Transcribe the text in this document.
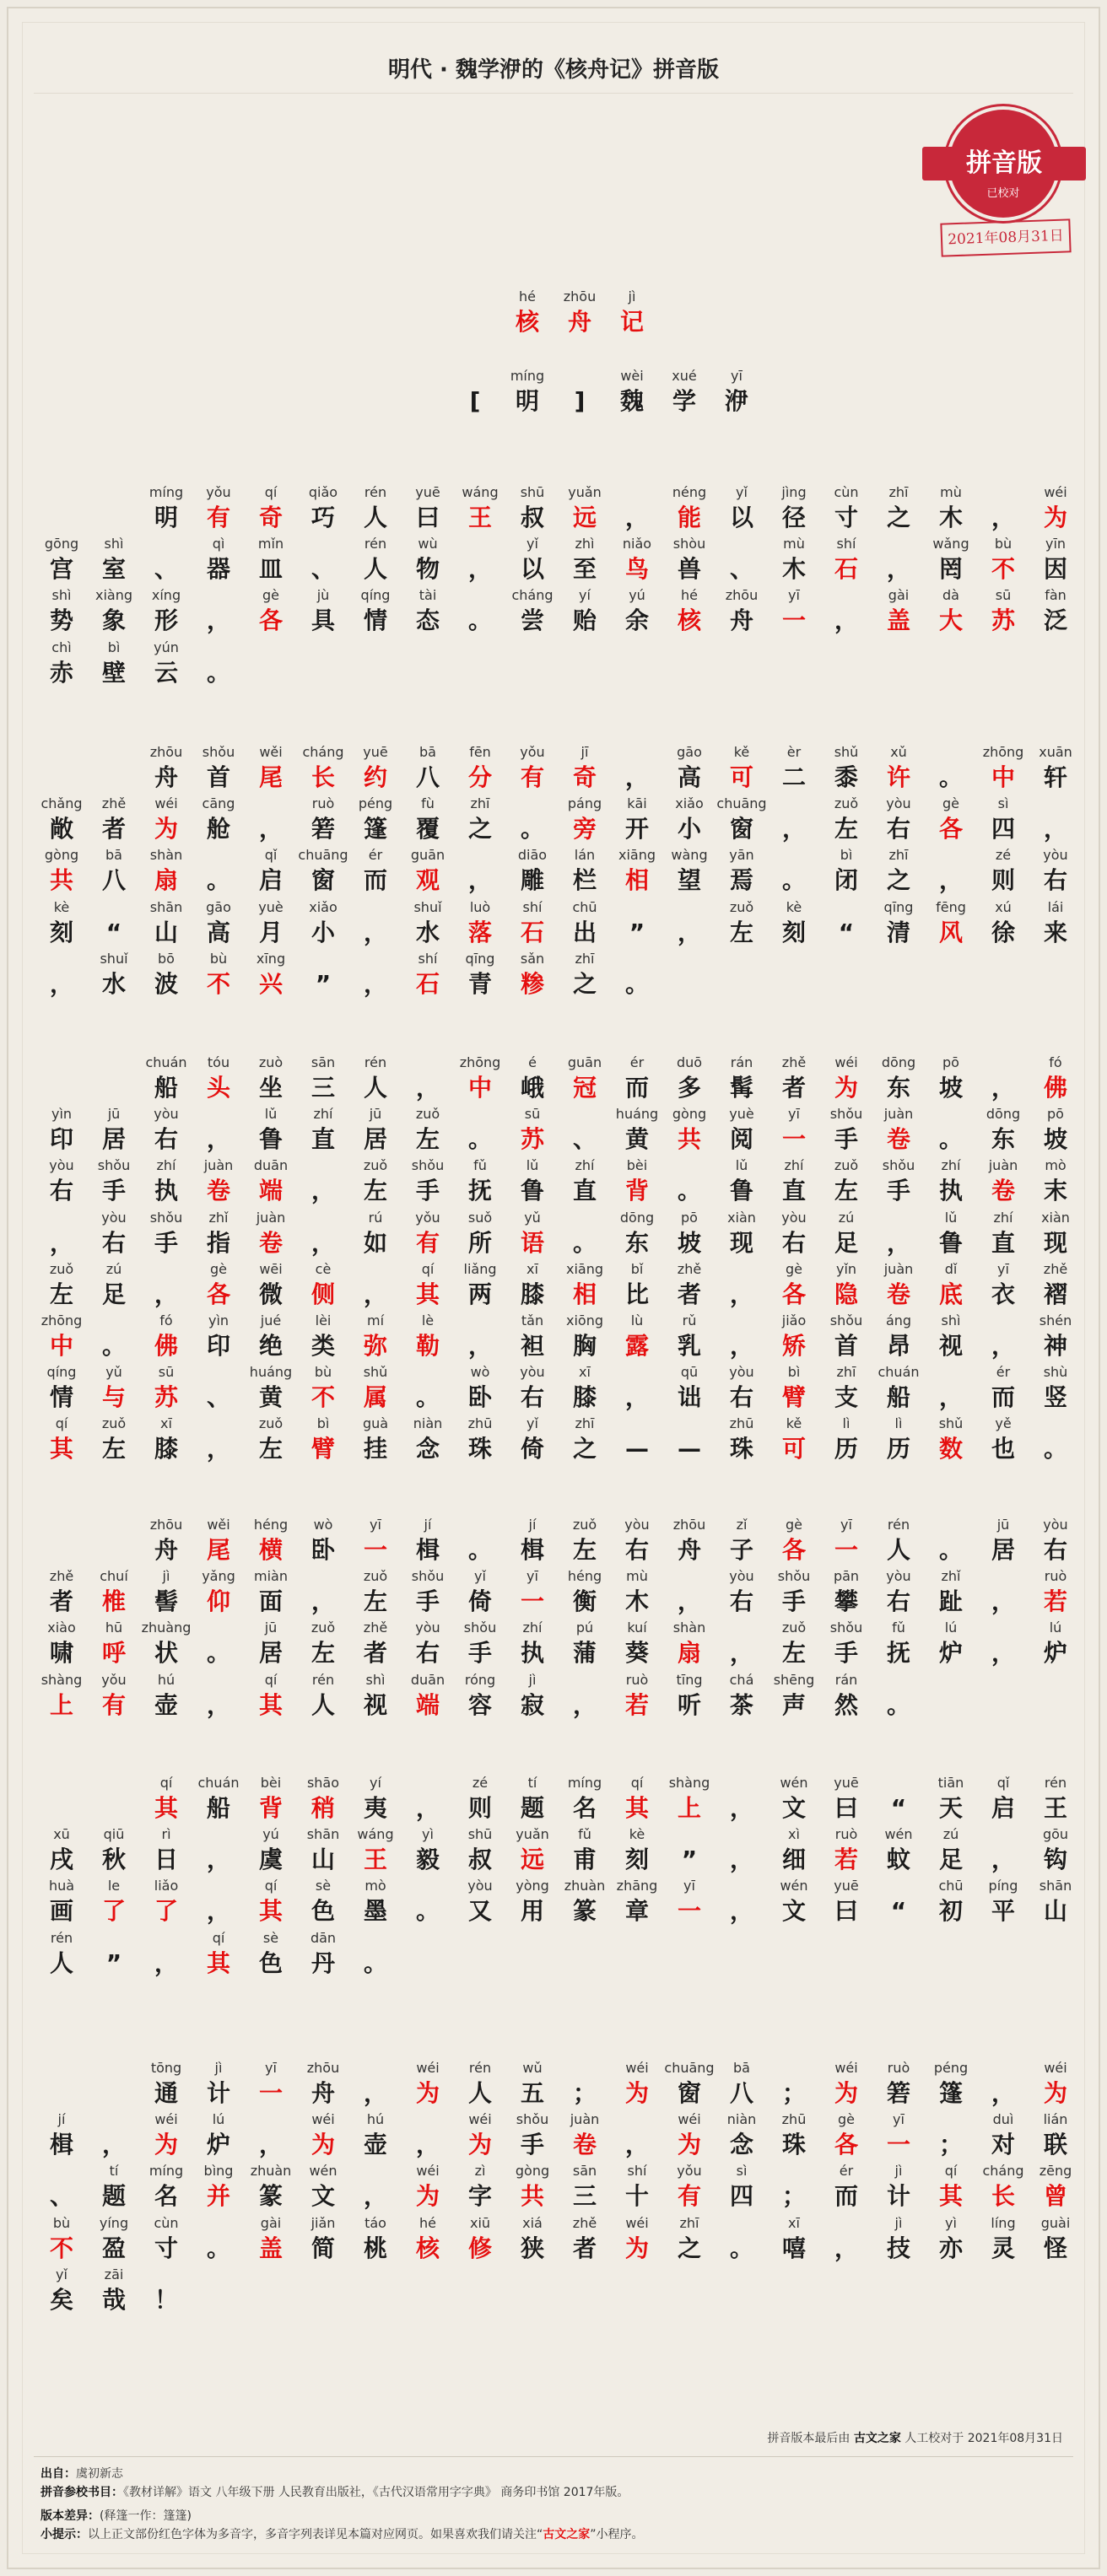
明代 · 魏学洢的《核舟记》拼音版
拼音版
已校对
2021年08月31日
hé
核
zhōu
舟
jì
记
[
míng
明	]
wèi
魏
xué
学
yī
洢
míng
明
yǒu
有
qí
奇
qiǎo
巧
rén
人
yuē
曰
wáng
王
shū
叔
yuǎn
远	，
néng
能
yǐ
以
jìng
径
cùn
寸
zhī
之
mù
木	，
wéi
为
gōng
宫
shì
室	、
qì
器
mǐn
皿	、
rén
人
wù
物	，
yǐ
以
zhì
至
niǎo
鸟
shòu
兽	、
mù
木
shí
石	，
wǎng
罔
bù
不
yīn
因
shì
势
xiàng
象
xíng
形	，
gè
各
jù
具
qíng
情
tài
态	。
cháng
尝
yí
贻
yú
余
hé
核
zhōu
舟
yī
一	，
gài
盖
dà
大
sū
苏
fàn
泛
chì
赤
bì
壁
yún
云	。
zhōu
舟
shǒu
首
wěi
尾
cháng
长
yuē
约
bā
八
fēn
分
yǒu
有
jī
奇	，
gāo
高
kě
可
èr
二
shǔ
黍
xǔ
许	。
zhōng
中
xuān
轩
chǎng
敞
zhě
者
wéi
为
cāng
舱	，
ruò
箬
péng
篷
fù
覆
zhī
之	。
páng
旁
kāi
开
xiǎo
小
chuāng
窗	，
zuǒ
左
yòu
右
gè
各
sì
四	，
gòng
共
bā
八
shàn
扇	。
qǐ
启
chuāng
窗
ér
而
guān
观	，
diāo
雕
lán
栏
xiāng
相
wàng
望
yān
焉	。
bì
闭
zhī
之	，
zé
则
yòu
右
kè
刻	“
shān
山
gāo
高
yuè
月
xiǎo
小	，
shuǐ
水
luò
落
shí
石
chū
出	”	，
zuǒ
左
kè
刻	“
qīng
清
fēng
风
xú
徐
lái
来
，
shuǐ
水
bō
波
bù
不
xīng
兴	”	，
shí
石
qīng
青
sǎn
糁
zhī
之	。
chuán
船
tóu
头
zuò
坐
sān
三
rén
人	，
zhōng
中
é
峨
guān
冠
ér
而
duō
多
rán
髯
zhě
者
wéi
为
dōng
东
pō
坡	，
fó
佛
yìn
印
jū
居
yòu
右	，
lǔ
鲁
zhí
直
jū
居
zuǒ
左	。
sū
苏	、
huáng
黄
gòng
共
yuè
阅
yī
一
shǒu
手
juàn
卷	。
dōng
东
pō
坡
yòu
右
shǒu
手
zhí
执
juàn
卷
duān
端	，
zuǒ
左
shǒu
手
fǔ
抚
lǔ
鲁
zhí
直
bèi
背	。
lǔ
鲁
zhí
直
zuǒ
左
shǒu
手
zhí
执
juàn
卷
mò
末
，
yòu
右
shǒu
手
zhǐ
指
juàn
卷	，
rú
如
yǒu
有
suǒ
所
yǔ
语	。
dōng
东
pō
坡
xiàn
现
yòu
右
zú
足	，
lǔ
鲁
zhí
直
xiàn
现
zuǒ
左
zú
足	，
gè
各
wēi
微
cè
侧	，
qí
其
liǎng
两
xī
膝
xiāng
相
bǐ
比
zhě
者	，
gè
各
yǐn
隐
juàn
卷
dǐ
底
yī
衣
zhě
褶
zhōng
中	。
fó
佛
yìn
印
jué
绝
lèi
类
mí
弥
lè
勒	，
tǎn
袒
xiōng
胸
lù
露
rǔ
乳	，
jiǎo
矫
shǒu
首
áng
昂
shì
视	，
shén
神
qíng
情
yǔ
与
sū
苏	、
huáng
黄
bù
不
shǔ
属	。
wò
卧
yòu
右
xī
膝	，
qū
诎
yòu
右
bì
臂
zhī
支
chuán
船	，
ér
而
shù
竖
qí
其
zuǒ
左
xī
膝	，
zuǒ
左
bì
臂
guà
挂
niàn
念
zhū
珠
yǐ
倚
zhī
之	—	—
zhū
珠
kě
可
lì
历
lì
历
shǔ
数
yě
也	。
zhōu
舟
wěi
尾
héng
横
wò
卧
yī
一
jí
楫	。
jí
楫
zuǒ
左
yòu
右
zhōu
舟
zǐ
子
gè
各
yī
一
rén
人	。
jū
居
yòu
右
zhě
者
chuí
椎
jì
髻
yǎng
仰
miàn
面	，
zuǒ
左
shǒu
手
yǐ
倚
yī
一
héng
衡
mù
木	，
yòu
右
shǒu
手
pān
攀
yòu
右
zhǐ
趾	，
ruò
若
xiào
啸
hū
呼
zhuàng
状	。
jū
居
zuǒ
左
zhě
者
yòu
右
shǒu
手
zhí
执
pú
蒲
kuí
葵
shàn
扇	，
zuǒ
左
shǒu
手
fǔ
抚
lú
炉	，
lú
炉
shàng
上
yǒu
有
hú
壶	，
qí
其
rén
人
shì
视
duān
端
róng
容
jì
寂	，
ruò
若
tīng
听
chá
茶
shēng
声
rán
然	。
qí
其
chuán
船
bèi
背
shāo
稍
yí
夷	，
zé
则
tí
题
míng
名
qí
其
shàng
上	，
wén
文
yuē
曰	“
tiān
天
qǐ
启
rén
王
xū
戌
qiū
秋
rì
日	，
yú
虞
shān
山
wáng
王
yì
毅
shū
叔
yuǎn
远
fǔ
甫
kè
刻	”	，
xì
细
ruò
若
wén
蚊
zú
足	，
gōu
钩
huà
画
le
了
liǎo
了	，
qí
其
sè
色
mò
墨	。
yòu
又
yòng
用
zhuàn
篆
zhāng
章
yī
一	，
wén
文
yuē
曰	“
chū
初
píng
平
shān
山
rén
人	”	，
qí
其
sè
色
dān
丹	。
tōng
通
jì
计
yī
一
zhōu
舟	，
wéi
为
rén
人
wǔ
五	；
wéi
为
chuāng
窗
bā
八	；
wéi
为
ruò
箬
péng
篷	，
wéi
为
jí
楫	，
wéi
为
lú
炉	，
wéi
为
hú
壶	，
wéi
为
shǒu
手
juàn
卷	，
wéi
为
niàn
念
zhū
珠
gè
各
yī
一	；
duì
对
lián
联
、
tí
题
míng
名
bìng
并
zhuàn
篆
wén
文	，
wéi
为
zì
字
gòng
共
sān
三
shí
十
yǒu
有
sì
四	；
ér
而
jì
计
qí
其
cháng
长
zēng
曾
bù
不
yíng
盈
cùn
寸	。
gài
盖
jiǎn
简
táo
桃
hé
核
xiū
修
xiá
狭
zhě
者
wéi
为
zhī
之	。
xī
嘻	，
jì
技
yì
亦
líng
灵
guài
怪
yǐ
矣
zāi
哉	！
拼音版本最后由 古文之家 人工校对于 2021年08月31日
出自：虞初新志
拼音参校书目：《教材详解》语文 八年级下册 人民教育出版社，《古代汉语常用字字典》 商务印书馆 2017年版。
版本差异：(释篷一作：篷篷)
小提示：以上正文部份红色字体为多音字，多音字列表详见本篇对应网页。如果喜欢我们请关注“古文之家”小程序。
